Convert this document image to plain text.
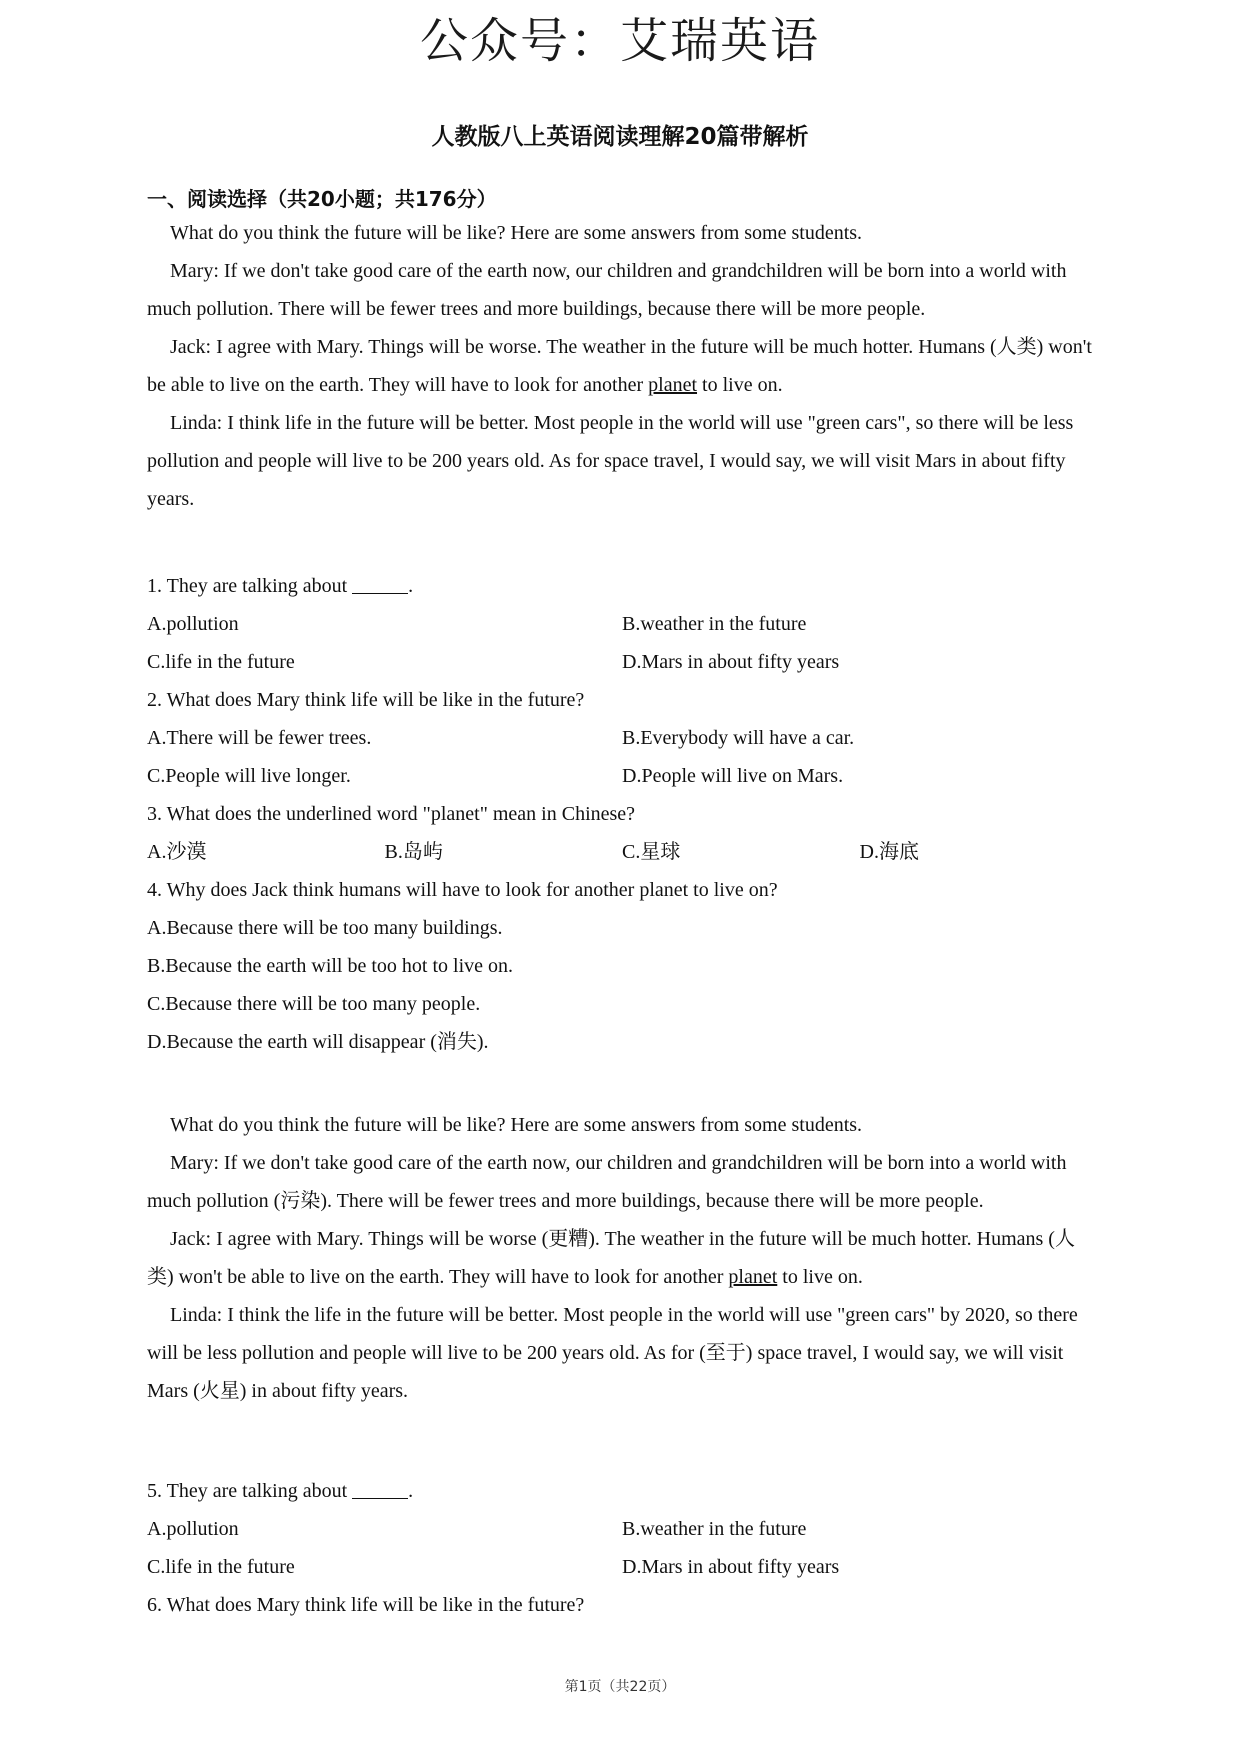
公众号：艾瑞英语
人教版八上英语阅读理解20篇带解析
一、阅读选择（共20小题；共176分）

What do you think the future will be like? Here are some answers from some students.

Mary: If we don't take good care of the earth now, our children and grandchildren will be born into a world with much pollution. There will be fewer trees and more buildings, because there will be more people.

Jack: I agree with Mary. Things will be worse. The weather in the future will be much hotter. Humans (人类) won't be able to live on the earth. They will have to look for another planet to live on.

Linda: I think life in the future will be better. Most people in the world will use "green cars", so there will be less pollution and people will live to be 200 years old. As for space travel, I would say, we will visit Mars in about fifty years.

1. They are talking about	.
A.pollution	B.weather in the future
C.life in the future	D.Mars in about fifty years
2. What does Mary think life will be like in the future?
A.There will be fewer trees.	B.Everybody will have a car.
C.People will live longer.	D.People will live on Mars.
3. What does the underlined word "planet" mean in Chinese?
A.沙漠	B.岛屿	C.星球	D.海底
4. Why does Jack think humans will have to look for another planet to live on?
A.Because there will be too many buildings.
B.Because the earth will be too hot to live on.
C.Because there will be too many people.
D.Because the earth will disappear (消失).

What do you think the future will be like? Here are some answers from some students.

Mary: If we don't take good care of the earth now, our children and grandchildren will be born into a world with much pollution (污染). There will be fewer trees and more buildings, because there will be more people.

Jack: I agree with Mary. Things will be worse (更糟). The weather in the future will be much hotter. Humans (人类) won't be able to live on the earth. They will have to look for another planet to live on.

Linda: I think the life in the future will be better. Most people in the world will use "green cars" by 2020, so there will be less pollution and people will live to be 200 years old. As for (至于) space travel, I would say, we will visit Mars (火星) in about fifty years.

5. They are talking about	.
A.pollution	B.weather in the future
C.life in the future	D.Mars in about fifty years
6. What does Mary think life will be like in the future?
第1页（共22页）
